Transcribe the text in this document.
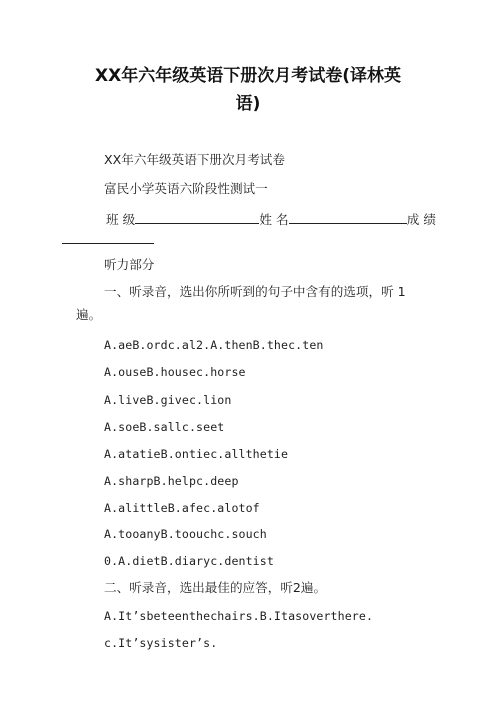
XX年六年级英语下册次月考试卷(译林英
语)
XX年六年级英语下册次月考试卷
富民小学英语六阶段性测试一
班 级	姓 名	成 绩
听力部分
一、听录音，选出你所听到的句子中含有的选项，听 1
遍。
A.aeB.ordc.al2.A.thenB.thec.ten
A.ouseB.housec.horse
A.liveB.givec.lion
A.soeB.sallc.seet
A.atatieB.ontiec.allthetie
A.sharpB.helpc.deep
A.alittleB.afec.alotof
A.tooanyB.toouchc.souch
0.A.dietB.diaryc.dentist
二、听录音，选出最佳的应答，听2遍。
A.It’sbeteenthechairs.B.Itasoverthere.
c.It’sysister’s.
